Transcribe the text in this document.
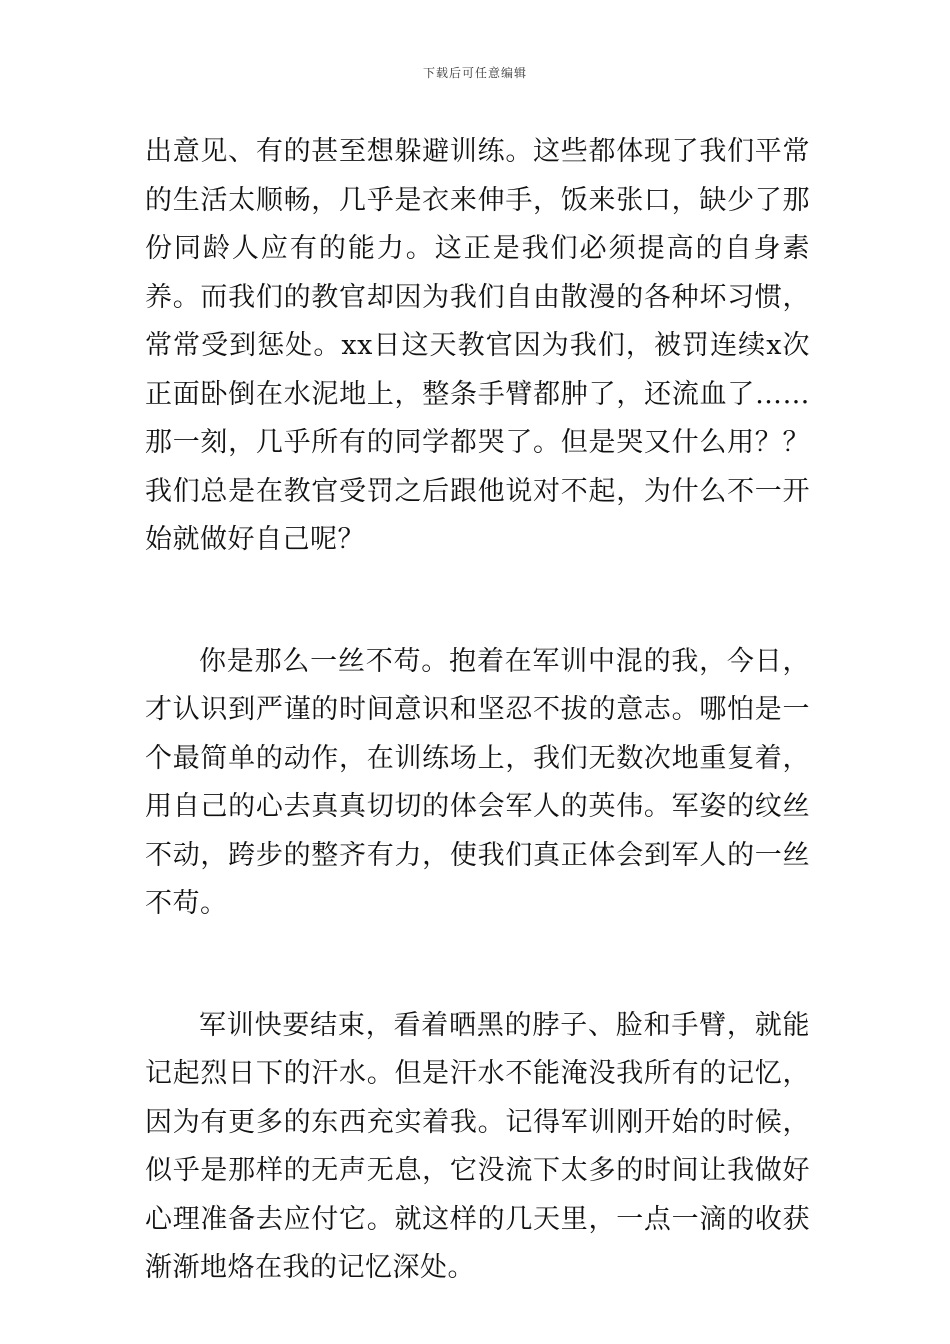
下载后可任意编辑

出意见、有的甚至想躲避训练。这些都体现了我们平常的生活太顺畅，几乎是衣来伸手，饭来张口，缺少了那份同龄人应有的能力。这正是我们必须提高的自身素养。而我们的教官却因为我们自由散漫的各种坏习惯，常常受到惩处。xx日这天教官因为我们，被罚连续x次正面卧倒在水泥地上，整条手臂都肿了，还流血了……那一刻，几乎所有的同学都哭了。但是哭又什么用？？我们总是在教官受罚之后跟他说对不起，为什么不一开始就做好自己呢？

你是那么一丝不苟。抱着在军训中混的我，今日，才认识到严谨的时间意识和坚忍不拔的意志。哪怕是一个最简单的动作，在训练场上，我们无数次地重复着，用自己的心去真真切切的体会军人的英伟。军姿的纹丝不动，跨步的整齐有力，使我们真正体会到军人的一丝不苟。

军训快要结束，看着晒黑的脖子、脸和手臂，就能记起烈日下的汗水。但是汗水不能淹没我所有的记忆，因为有更多的东西充实着我。记得军训刚开始的时候，似乎是那样的无声无息，它没流下太多的时间让我做好心理准备去应付它。就这样的几天里，一点一滴的收获渐渐地烙在我的记忆深处。
